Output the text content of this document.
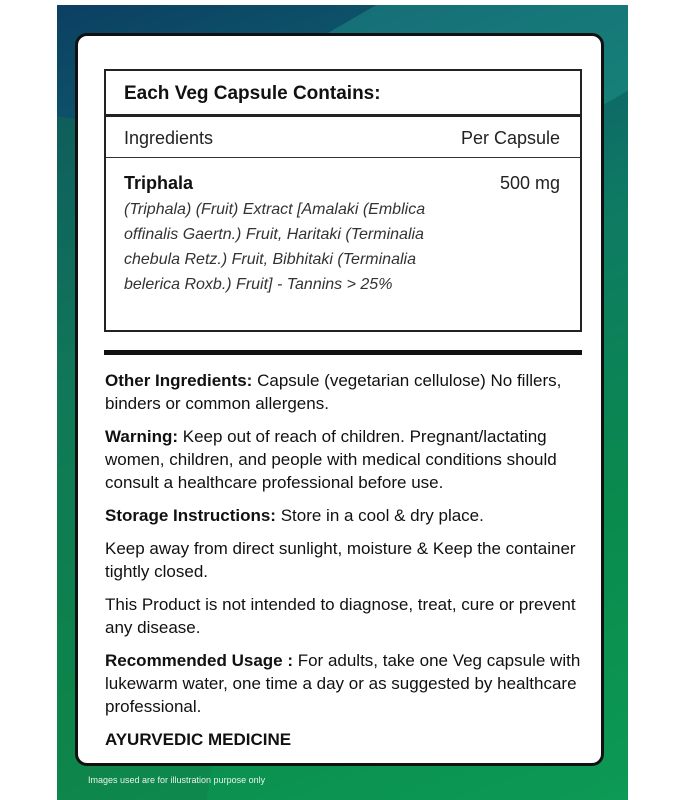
Each Veg Capsule Contains:
Ingredients	Per Capsule
Triphala	500 mg
(Triphala) (Fruit) Extract [Amalaki (Emblica offinalis Gaertn.) Fruit, Haritaki (Terminalia chebula Retz.) Fruit, Bibhitaki (Terminalia belerica Roxb.) Fruit] - Tannins > 25%

Other Ingredients: Capsule (vegetarian cellulose) No fillers, binders or common allergens.

Warning: Keep out of reach of children. Pregnant/lactating women, children, and people with medical conditions should consult a healthcare professional before use.

Storage Instructions: Store in a cool & dry place.

Keep away from direct sunlight, moisture & Keep the container tightly closed.

This Product is not intended to diagnose, treat, cure or prevent any disease.

Recommended Usage : For adults, take one Veg capsule with lukewarm water, one time a day or as suggested by healthcare professional.

AYURVEDIC MEDICINE

Images used are for illustration purpose only
